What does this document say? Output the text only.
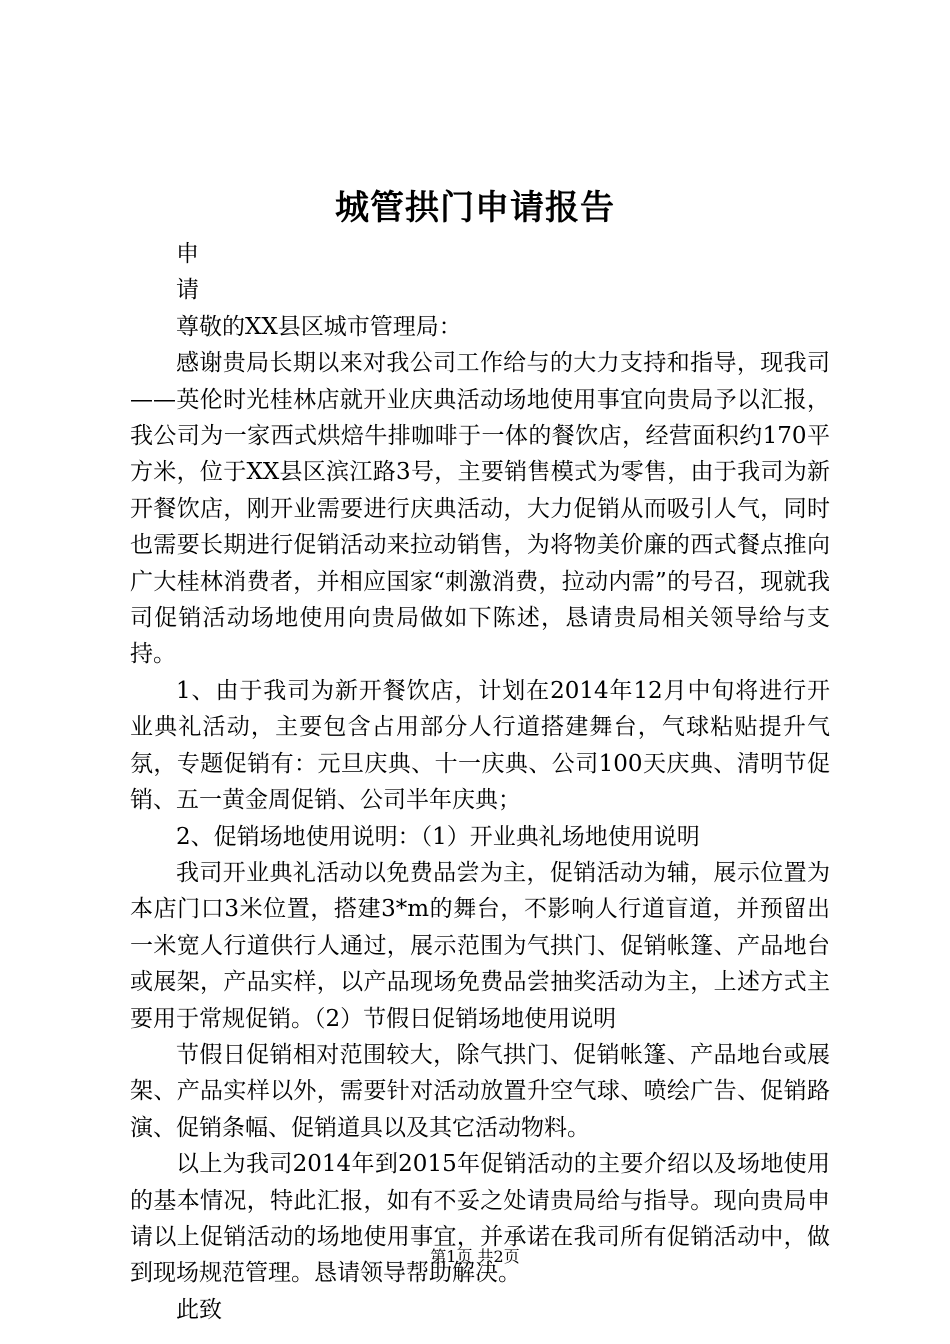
城管拱门申请报告

申

请

尊敬的XX县区城市管理局：

感谢贵局长期以来对我公司工作给与的大力支持和指导，现我司——英伦时光桂林店就开业庆典活动场地使用事宜向贵局予以汇报，我公司为一家西式烘焙牛排咖啡于一体的餐饮店，经营面积约170平方米，位于XX县区滨江路3号，主要销售模式为零售，由于我司为新开餐饮店，刚开业需要进行庆典活动，大力促销从而吸引人气，同时也需要长期进行促销活动来拉动销售，为将物美价廉的西式餐点推向广大桂林消费者，并相应国家“刺激消费，拉动内需”的号召，现就我司促销活动场地使用向贵局做如下陈述，恳请贵局相关领导给与支持。

1、由于我司为新开餐饮店，计划在2014年12月中旬将进行开业典礼活动，主要包含占用部分人行道搭建舞台，气球粘贴提升气氛，专题促销有：元旦庆典、十一庆典、公司100天庆典、清明节促销、五一黄金周促销、公司半年庆典；

2、促销场地使用说明：（1）开业典礼场地使用说明

我司开业典礼活动以免费品尝为主，促销活动为辅，展示位置为本店门口3米位置，搭建3*m的舞台，不影响人行道盲道，并预留出一米宽人行道供行人通过，展示范围为气拱门、促销帐篷、产品地台或展架，产品实样，以产品现场免费品尝抽奖活动为主，上述方式主要用于常规促销。（2）节假日促销场地使用说明

节假日促销相对范围较大，除气拱门、促销帐篷、产品地台或展架、产品实样以外，需要针对活动放置升空气球、喷绘广告、促销路演、促销条幅、促销道具以及其它活动物料。

以上为我司2014年到2015年促销活动的主要介绍以及场地使用的基本情况，特此汇报，如有不妥之处请贵局给与指导。现向贵局申请以上促销活动的场地使用事宜，并承诺在我司所有促销活动中，做到现场规范管理。恳请领导帮助解决。

此致

第1页 共2页
